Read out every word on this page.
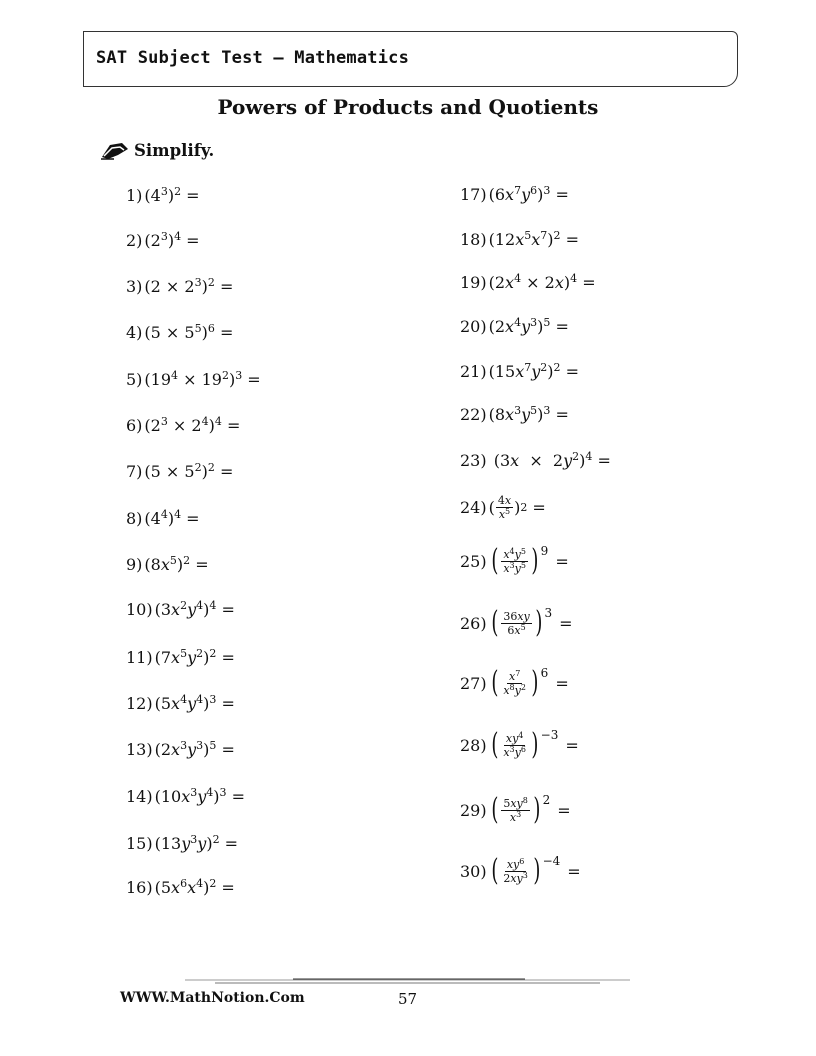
SAT Subject Test – Mathematics
Powers of Products and Quotients
Simplify.
1) $(4^3)^2$ =
2) $(2^3)^4$ =
3) $(2 \times 2^3)^2$ =
4) $(5 \times 5^5)^6$ =
5) $(19^4 \times 19^2)^3$ =
6) $(2^3 \times 2^4)^4$ =
7) $(5 \times 5^2)^2$ =
8) $(4^4)^4$ =
9) $(8x^5)^2$ =
10) $(3x^2y^4)^4$ =
11) $(7x^5y^2)^2$ =
12) $(5x^4y^4)^3$ =
13) $(2x^3y^3)^5$ =
14) $(10x^3y^4)^3$ =
15) $(13y^3y)^2$ =
16) $(5x^6x^4)^2$ =
17) $(6x^7y^6)^3$ =
18) $(12x^5x^7)^2$ =
19) $(2x^4 \times 2x)^4$ =
20) $(2x^4y^3)^5$ =
21) $(15x^7y^2)^2$ =
22) $(8x^3y^5)^3$ =
23) $(3x \times 2y^2)^4$ =
24) ( $\frac{4x}{x^5}$ ) 2 =
25) ( $\frac{x^4y^5}{x^3y^5}$ ) 9
=
26) ( $\frac{36xy}{6x^5}$ ) 3
=
27) ( $\frac{x^7}{x^8y^2}$ ) 6
=
28) ( $\frac{xy^4}{x^3y^6}$ ) −3
=
29) ( $\frac{5xy^8}{x^3}$ ) 2
=
30) ( $\frac{xy^6}{2xy^3}$ ) −4
=
WWW.MathNotion.Com	57
